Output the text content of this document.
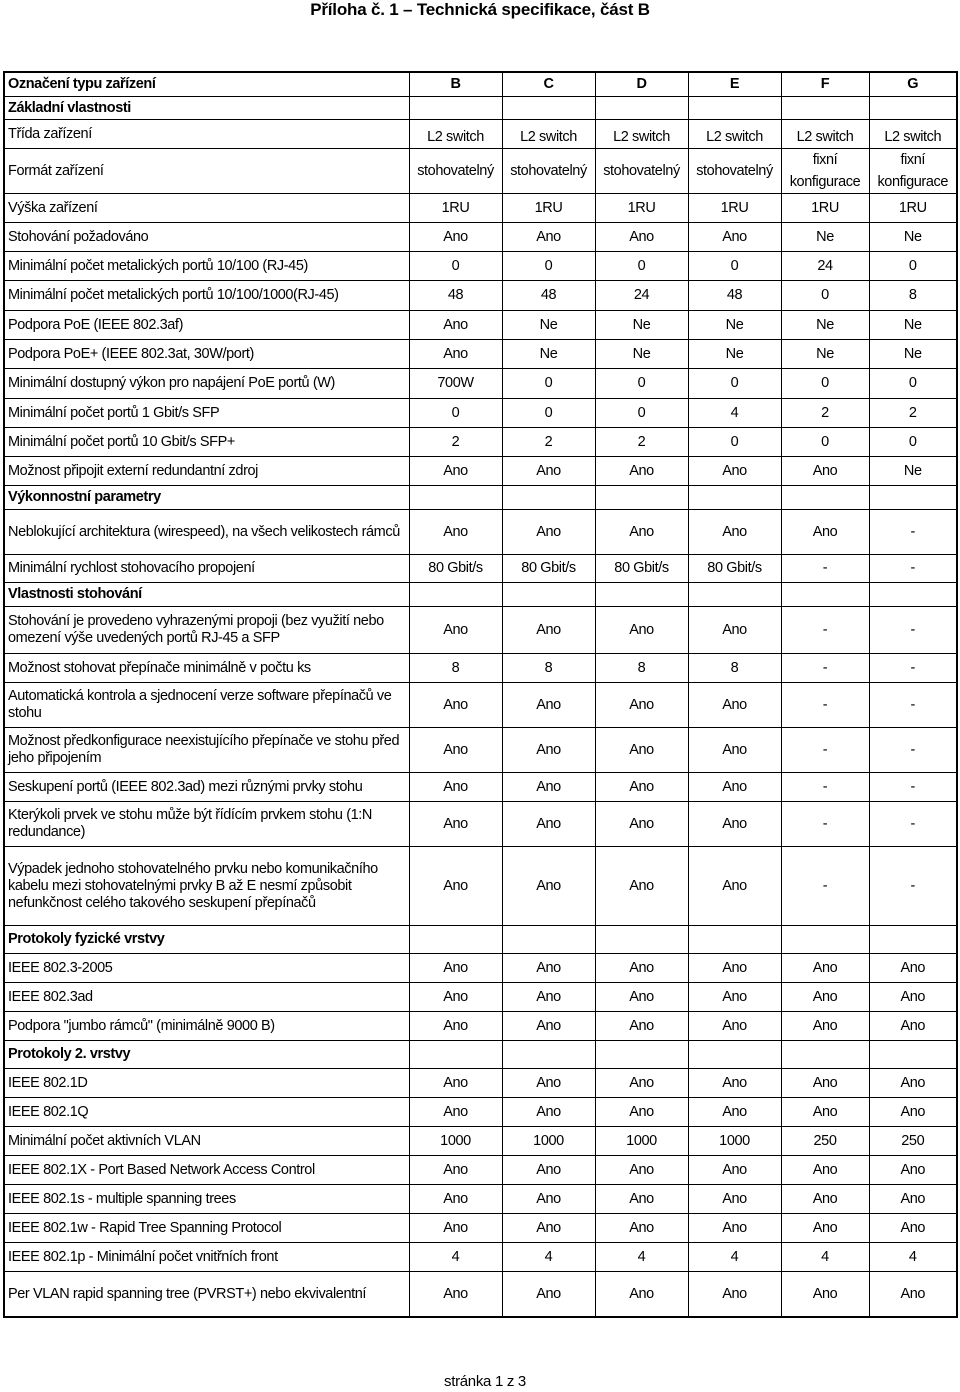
Příloha č. 1 – Technická specifikace, část B
Označení typu zařízení	B	C	D	E	F	G
Základní vlastnosti						
Třída zařízení	L2 switch	L2 switch	L2 switch	L2 switch	L2 switch	L2 switch
Formát zařízení	stohovatelný	stohovatelný	stohovatelný	stohovatelný	fixní konfigurace	fixní konfigurace
Výška zařízení	1RU	1RU	1RU	1RU	1RU	1RU
Stohování požadováno	Ano	Ano	Ano	Ano	Ne	Ne
Minimální počet metalických portů 10/100 (RJ-45)	0	0	0	0	24	0
Minimální počet metalických portů 10/100/1000(RJ-45)	48	48	24	48	0	8
Podpora PoE (IEEE 802.3af)	Ano	Ne	Ne	Ne	Ne	Ne
Podpora PoE+ (IEEE 802.3at, 30W/port)	Ano	Ne	Ne	Ne	Ne	Ne
Minimální dostupný výkon pro napájení PoE portů (W)	700W	0	0	0	0	0
Minimální počet portů 1 Gbit/s SFP	0	0	0	4	2	2
Minimální počet portů 10 Gbit/s SFP+	2	2	2	0	0	0
Možnost připojit externí redundantní zdroj	Ano	Ano	Ano	Ano	Ano	Ne
Výkonnostní parametry						
Neblokující architektura (wirespeed), na všech velikostech rámců	Ano	Ano	Ano	Ano	Ano	-
Minimální rychlost stohovacího propojení	80 Gbit/s	80 Gbit/s	80 Gbit/s	80 Gbit/s	-	-
Vlastnosti stohování						
Stohování je provedeno vyhrazenými propoji (bez využití nebo omezení výše uvedených portů RJ-45 a SFP	Ano	Ano	Ano	Ano	-	-
Možnost stohovat přepínače minimálně v počtu ks	8	8	8	8	-	-
Automatická kontrola a sjednocení verze software přepínačů ve stohu	Ano	Ano	Ano	Ano	-	-
Možnost předkonfigurace neexistujícího přepínače ve stohu před jeho připojením	Ano	Ano	Ano	Ano	-	-
Seskupení portů (IEEE 802.3ad) mezi různými prvky stohu	Ano	Ano	Ano	Ano	-	-
Kterýkoli prvek ve stohu může být řídícím prvkem stohu (1:N redundance)	Ano	Ano	Ano	Ano	-	-
Výpadek jednoho stohovatelného prvku nebo komunikačního kabelu mezi stohovatelnými prvky B až E nesmí způsobit nefunkčnost celého takového seskupení přepínačů	Ano	Ano	Ano	Ano	-	-
Protokoly fyzické vrstvy						
IEEE 802.3-2005	Ano	Ano	Ano	Ano	Ano	Ano
IEEE 802.3ad	Ano	Ano	Ano	Ano	Ano	Ano
Podpora "jumbo rámců" (minimálně 9000 B)	Ano	Ano	Ano	Ano	Ano	Ano
Protokoly 2. vrstvy						
IEEE 802.1D	Ano	Ano	Ano	Ano	Ano	Ano
IEEE 802.1Q	Ano	Ano	Ano	Ano	Ano	Ano
Minimální počet aktivních VLAN	1000	1000	1000	1000	250	250
IEEE 802.1X - Port Based Network Access Control	Ano	Ano	Ano	Ano	Ano	Ano
IEEE 802.1s - multiple spanning trees	Ano	Ano	Ano	Ano	Ano	Ano
IEEE 802.1w - Rapid Tree Spanning Protocol	Ano	Ano	Ano	Ano	Ano	Ano
IEEE 802.1p - Minimální počet vnitřních front	4	4	4	4	4	4
Per VLAN rapid spanning tree (PVRST+) nebo ekvivalentní	Ano	Ano	Ano	Ano	Ano	Ano
stránka 1 z 3
